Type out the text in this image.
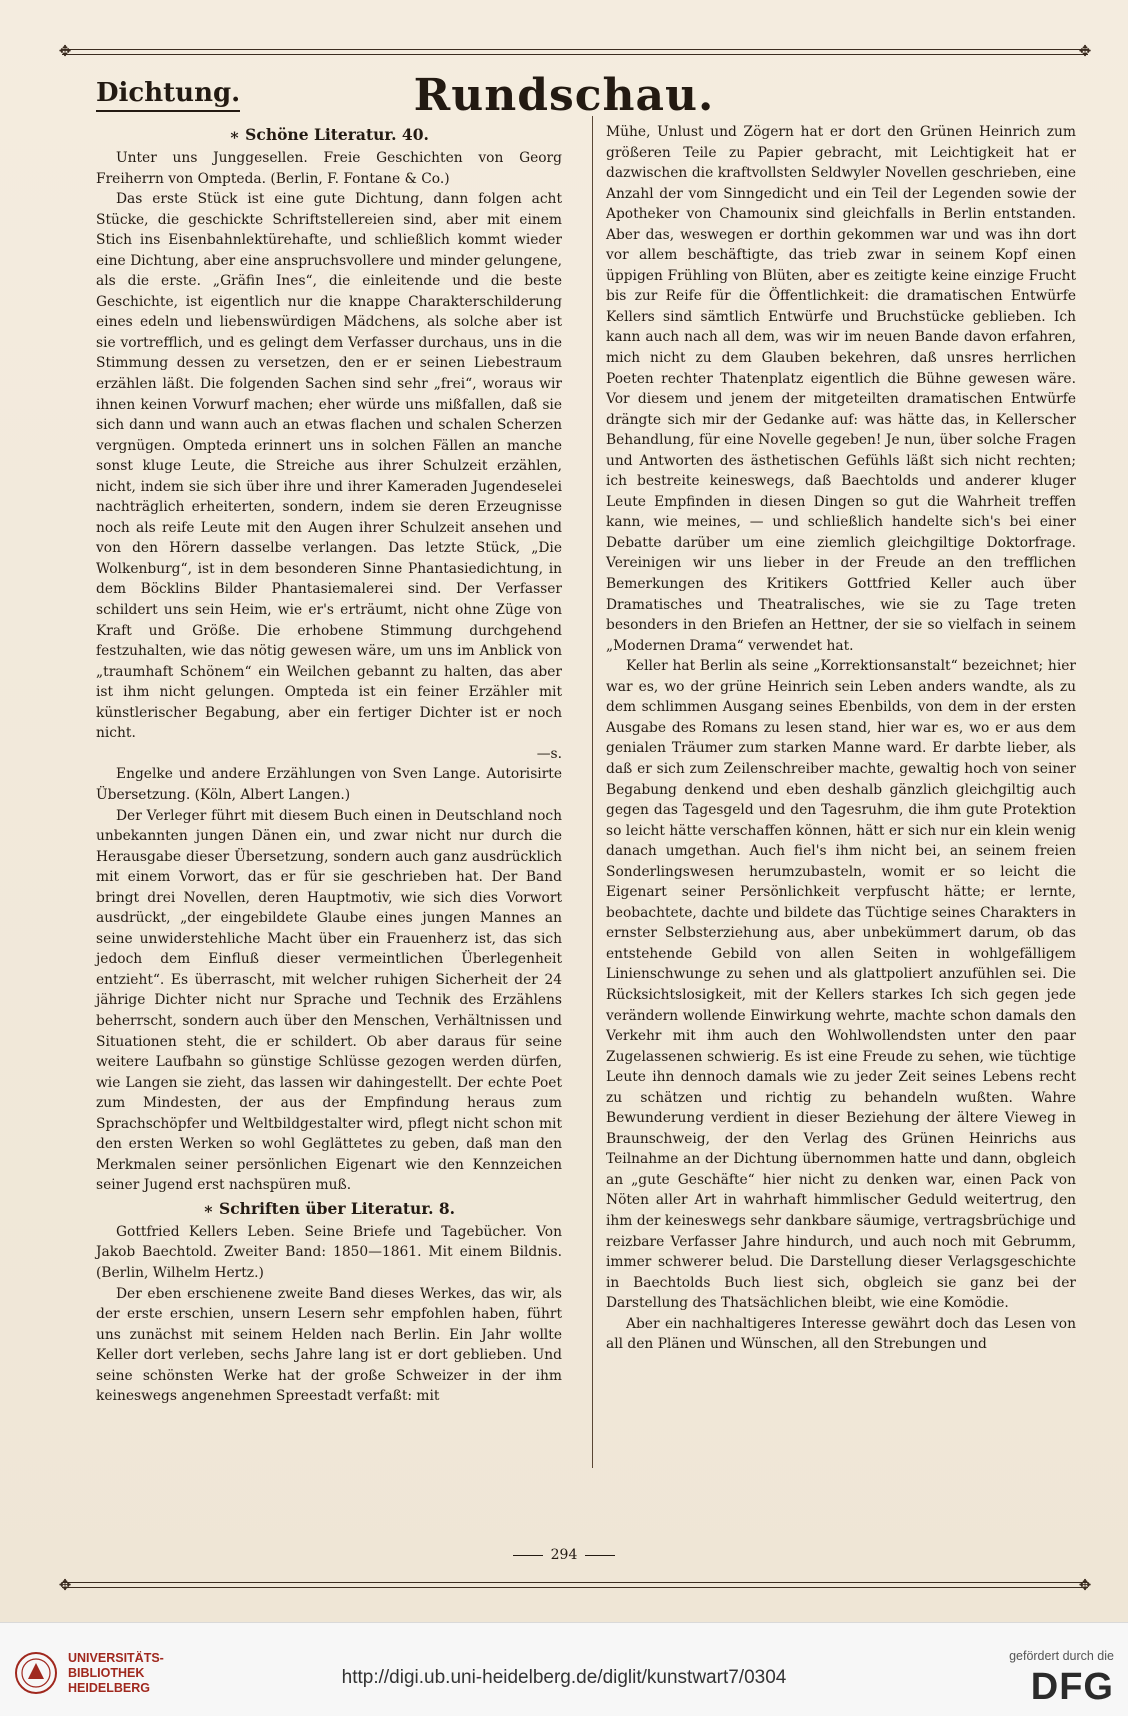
✥	✥
Dichtung.	Rundschau.
∗ Schöne Literatur. 40.

Unter uns Junggesellen. Freie Geschichten von Georg Freiherrn von Ompteda. (Berlin, F. Fontane & Co.)

Das erste Stück ist eine gute Dichtung, dann folgen acht Stücke, die geschickte Schriftstellereien sind, aber mit einem Stich ins Eisenbahnlektürehafte, und schließlich kommt wieder eine Dichtung, aber eine anspruchsvollere und minder gelungene, als die erste. „Gräfin Ines“, die einleitende und die beste Geschichte, ist eigentlich nur die knappe Charakterschilderung eines edeln und liebenswürdigen Mädchens, als solche aber ist sie vortrefflich, und es gelingt dem Verfasser durchaus, uns in die Stimmung dessen zu versetzen, den er er seinen Liebestraum erzählen läßt. Die folgenden Sachen sind sehr „frei“, woraus wir ihnen keinen Vorwurf machen; eher würde uns mißfallen, daß sie sich dann und wann auch an etwas flachen und schalen Scherzen vergnügen. Ompteda erinnert uns in solchen Fällen an manche sonst kluge Leute, die Streiche aus ihrer Schulzeit erzählen, nicht, indem sie sich über ihre und ihrer Kameraden Jugendeselei nachträglich erheiterten, sondern, indem sie deren Erzeugnisse noch als reife Leute mit den Augen ihrer Schulzeit ansehen und von den Hörern dasselbe verlangen. Das letzte Stück, „Die Wolkenburg“, ist in dem besonderen Sinne Phantasiedichtung, in dem Böcklins Bilder Phantasiemalerei sind. Der Verfasser schildert uns sein Heim, wie er's erträumt, nicht ohne Züge von Kraft und Größe. Die erhobene Stimmung durchgehend festzuhalten, wie das nötig gewesen wäre, um uns im Anblick von „traumhaft Schönem“ ein Weilchen gebannt zu halten, das aber ist ihm nicht gelungen. Ompteda ist ein feiner Erzähler mit künstlerischer Begabung, aber ein fertiger Dichter ist er noch nicht.

—s.

Engelke und andere Erzählungen von Sven Lange. Autorisirte Übersetzung. (Köln, Albert Langen.)

Der Verleger führt mit diesem Buch einen in Deutschland noch unbekannten jungen Dänen ein, und zwar nicht nur durch die Herausgabe dieser Übersetzung, sondern auch ganz ausdrücklich mit einem Vorwort, das er für sie geschrieben hat. Der Band bringt drei Novellen, deren Hauptmotiv, wie sich dies Vorwort ausdrückt, „der eingebildete Glaube eines jungen Mannes an seine unwiderstehliche Macht über ein Frauenherz ist, das sich jedoch dem Einfluß dieser vermeintlichen Überlegenheit entzieht“. Es überrascht, mit welcher ruhigen Sicherheit der 24 jährige Dichter nicht nur Sprache und Technik des Erzählens beherrscht, sondern auch über den Menschen, Verhältnissen und Situationen steht, die er schildert. Ob aber daraus für seine weitere Laufbahn so günstige Schlüsse gezogen werden dürfen, wie Langen sie zieht, das lassen wir dahingestellt. Der echte Poet zum Mindesten, der aus der Empfindung heraus zum Sprachschöpfer und Weltbildgestalter wird, pflegt nicht schon mit den ersten Werken so wohl Geglättetes zu geben, daß man den Merkmalen seiner persönlichen Eigenart wie den Kennzeichen seiner Jugend erst nachspüren muß.

∗ Schriften über Literatur. 8.

Gottfried Kellers Leben. Seine Briefe und Tagebücher. Von Jakob Baechtold. Zweiter Band: 1850—1861. Mit einem Bildnis. (Berlin, Wilhelm Hertz.)

Der eben erschienene zweite Band dieses Werkes, das wir, als der erste erschien, unsern Lesern sehr empfohlen haben, führt uns zunächst mit seinem Helden nach Berlin. Ein Jahr wollte Keller dort verleben, sechs Jahre lang ist er dort geblieben. Und seine schönsten Werke hat der große Schweizer in der ihm keineswegs angenehmen Spreestadt verfaßt: mit

Mühe, Unlust und Zögern hat er dort den Grünen Heinrich zum größeren Teile zu Papier gebracht, mit Leichtigkeit hat er dazwischen die kraftvollsten Seldwyler Novellen geschrieben, eine Anzahl der vom Sinngedicht und ein Teil der Legenden sowie der Apotheker von Chamounix sind gleichfalls in Berlin entstanden. Aber das, weswegen er dorthin gekommen war und was ihn dort vor allem beschäftigte, das trieb zwar in seinem Kopf einen üppigen Frühling von Blüten, aber es zeitigte keine einzige Frucht bis zur Reife für die Öffentlichkeit: die dramatischen Entwürfe Kellers sind sämtlich Entwürfe und Bruchstücke geblieben. Ich kann auch nach all dem, was wir im neuen Bande davon erfahren, mich nicht zu dem Glauben bekehren, daß unsres herrlichen Poeten rechter Thatenplatz eigentlich die Bühne gewesen wäre. Vor diesem und jenem der mitgeteilten dramatischen Entwürfe drängte sich mir der Gedanke auf: was hätte das, in Kellerscher Behandlung, für eine Novelle gegeben! Je nun, über solche Fragen und Antworten des ästhetischen Gefühls läßt sich nicht rechten; ich bestreite keineswegs, daß Baechtolds und anderer kluger Leute Empfinden in diesen Dingen so gut die Wahrheit treffen kann, wie meines, — und schließlich handelte sich's bei einer Debatte darüber um eine ziemlich gleichgiltige Doktorfrage. Vereinigen wir uns lieber in der Freude an den trefflichen Bemerkungen des Kritikers Gottfried Keller auch über Dramatisches und Theatralisches, wie sie zu Tage treten besonders in den Briefen an Hettner, der sie so vielfach in seinem „Modernen Drama“ verwendet hat.

Keller hat Berlin als seine „Korrektionsanstalt“ bezeichnet; hier war es, wo der grüne Heinrich sein Leben anders wandte, als zu dem schlimmen Ausgang seines Ebenbilds, von dem in der ersten Ausgabe des Romans zu lesen stand, hier war es, wo er aus dem genialen Träumer zum starken Manne ward. Er darbte lieber, als daß er sich zum Zeilenschreiber machte, gewaltig hoch von seiner Begabung denkend und eben deshalb gänzlich gleichgiltig auch gegen das Tagesgeld und den Tagesruhm, die ihm gute Protektion so leicht hätte verschaffen können, hätt er sich nur ein klein wenig danach umgethan. Auch fiel's ihm nicht bei, an seinem freien Sonderlingswesen herumzubasteln, womit er so leicht die Eigenart seiner Persönlichkeit verpfuscht hätte; er lernte, beobachtete, dachte und bildete das Tüchtige seines Charakters in ernster Selbsterziehung aus, aber unbekümmert darum, ob das entstehende Gebild von allen Seiten in wohlgefälligem Linienschwunge zu sehen und als glattpoliert anzufühlen sei. Die Rücksichtslosigkeit, mit der Kellers starkes Ich sich gegen jede verändern wollende Einwirkung wehrte, machte schon damals den Verkehr mit ihm auch den Wohlwollendsten unter den paar Zugelassenen schwierig. Es ist eine Freude zu sehen, wie tüchtige Leute ihn dennoch damals wie zu jeder Zeit seines Lebens recht zu schätzen und richtig zu behandeln wußten. Wahre Bewunderung verdient in dieser Beziehung der ältere Vieweg in Braunschweig, der den Verlag des Grünen Heinrichs aus Teilnahme an der Dichtung übernommen hatte und dann, obgleich an „gute Geschäfte“ hier nicht zu denken war, einen Pack von Nöten aller Art in wahrhaft himmlischer Geduld weitertrug, den ihm der keineswegs sehr dankbare säumige, vertragsbrüchige und reizbare Verfasser Jahre hindurch, und auch noch mit Gebrumm, immer schwerer belud. Die Darstellung dieser Verlagsgeschichte in Baechtolds Buch liest sich, obgleich sie ganz bei der Darstellung des Thatsächlichen bleibt, wie eine Komödie.

Aber ein nachhaltigeres Interesse gewährt doch das Lesen von all den Plänen und Wünschen, all den Strebungen und

294
✥	✥
UNIVERSITÄTS-
BIBLIOTHEK
HEIDELBERG	http://digi.ub.uni-heidelberg.de/diglit/kunstwart7/0304
gefördert durch die
DFG
